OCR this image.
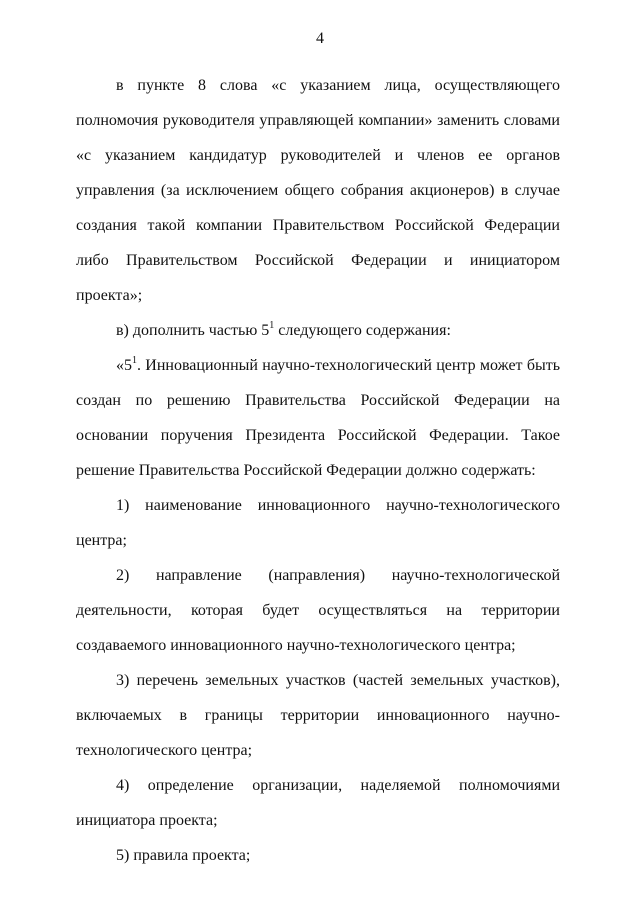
4

в пункте 8 слова «с указанием лица, осуществляющего полномочия руководителя управляющей компании» заменить словами «с указанием кандидатур руководителей и членов ее органов управления (за исключением общего собрания акционеров) в случае создания такой компании Правительством Российской Федерации либо Правительством Российской Федерации и инициатором проекта»;

в) дополнить частью $5^1$ следующего содержания:

«$5^1$. Инновационный научно-технологический центр может быть создан по решению Правительства Российской Федерации на основании поручения Президента Российской Федерации. Такое решение Правительства Российской Федерации должно содержать:

1) наименование инновационного научно-технологического центра;

2) направление (направления) научно-технологической деятельности, которая будет осуществляться на территории создаваемого инновационного научно-технологического центра;

3) перечень земельных участков (частей земельных участков), включаемых в границы территории инновационного научно-технологического центра;

4) определение организации, наделяемой полномочиями инициатора проекта;

5) правила проекта;
